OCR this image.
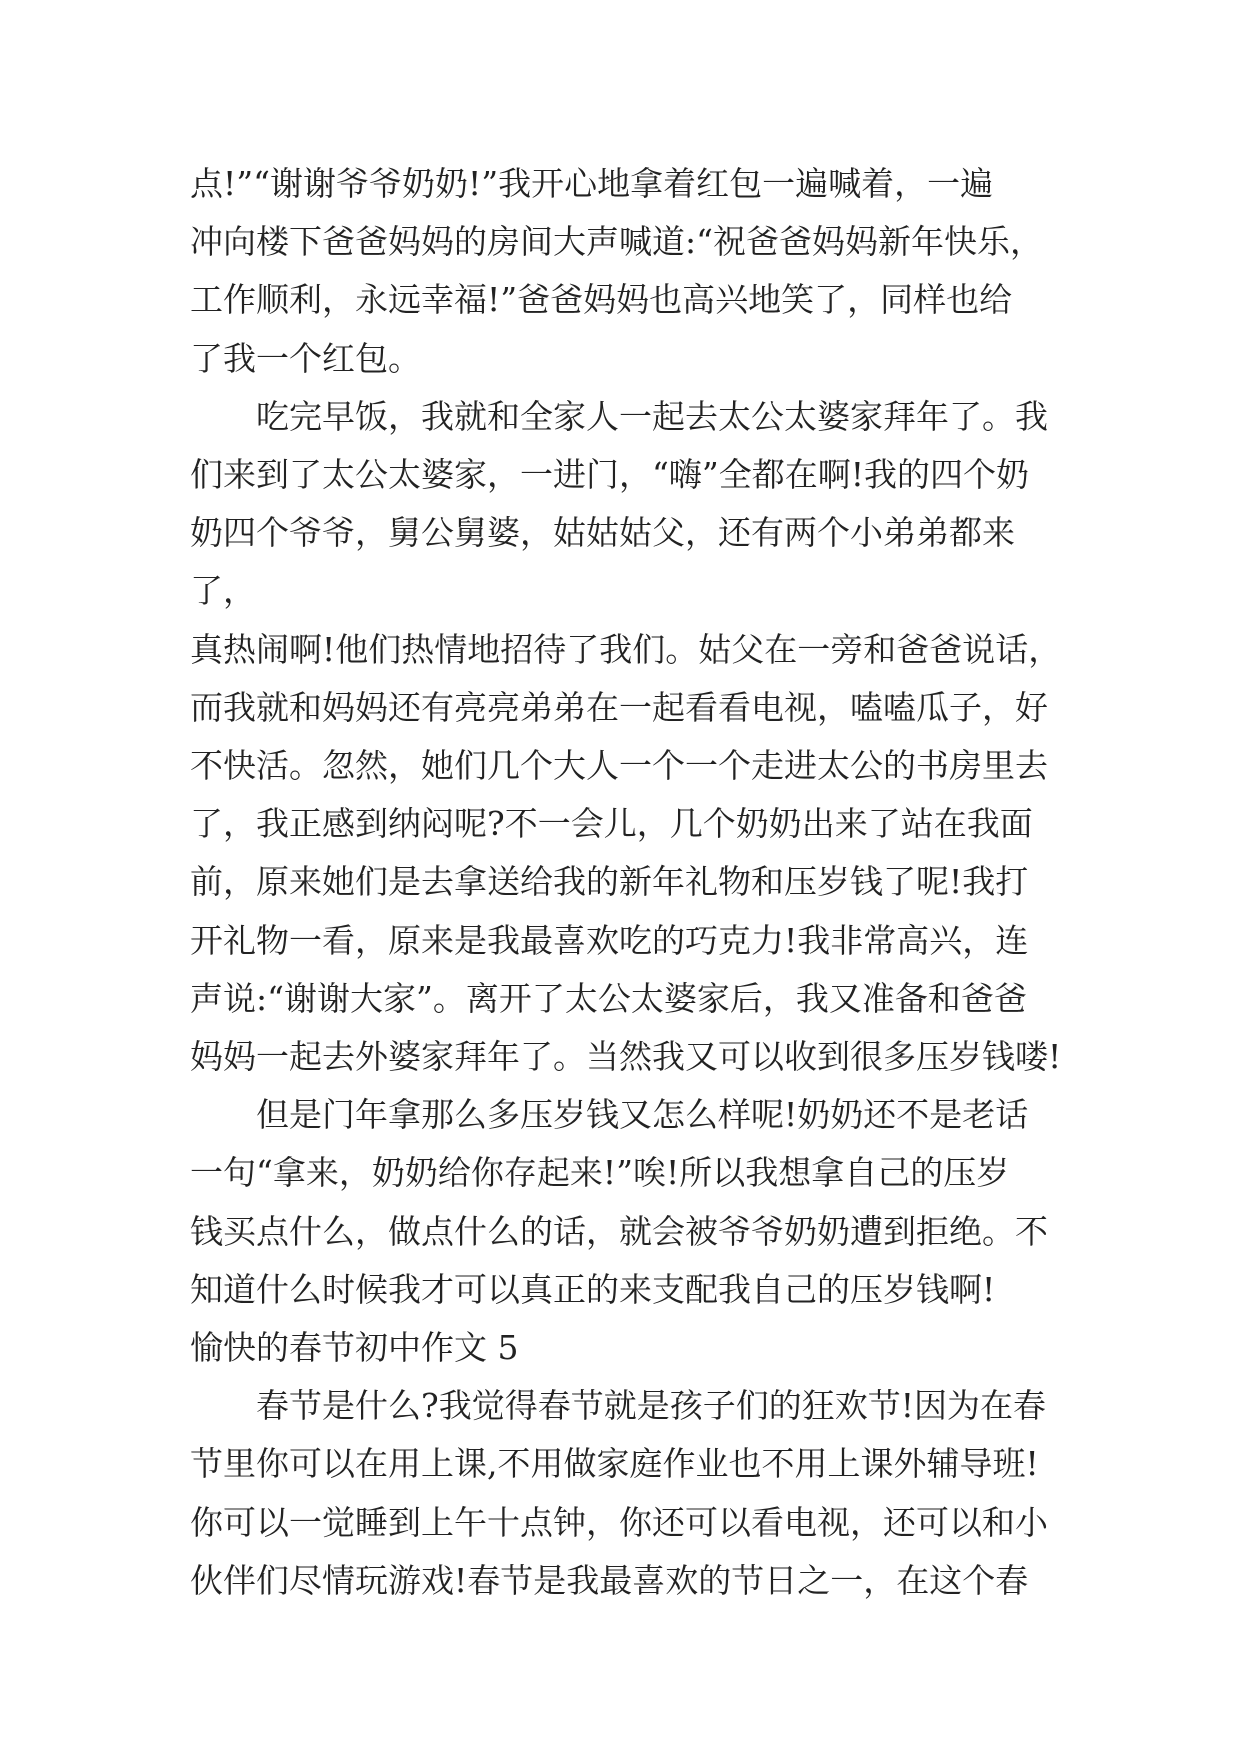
点!”“谢谢爷爷奶奶!”我开心地拿着红包一遍喊着，一遍
冲向楼下爸爸妈妈的房间大声喊道:“祝爸爸妈妈新年快乐，
工作顺利，永远幸福!”爸爸妈妈也高兴地笑了，同样也给
了我一个红包。

吃完早饭，我就和全家人一起去太公太婆家拜年了。我
们来到了太公太婆家，一进门，“嗨”全都在啊!我的四个奶
奶四个爷爷，舅公舅婆，姑姑姑父，还有两个小弟弟都来了，
真热闹啊!他们热情地招待了我们。姑父在一旁和爸爸说话，
而我就和妈妈还有亮亮弟弟在一起看看电视，嗑嗑瓜子，好
不快活。忽然，她们几个大人一个一个走进太公的书房里去
了，我正感到纳闷呢?不一会儿，几个奶奶出来了站在我面
前，原来她们是去拿送给我的新年礼物和压岁钱了呢!我打
开礼物一看，原来是我最喜欢吃的巧克力!我非常高兴，连
声说:“谢谢大家”。离开了太公太婆家后，我又准备和爸爸
妈妈一起去外婆家拜年了。当然我又可以收到很多压岁钱喽!

但是门年拿那么多压岁钱又怎么样呢!奶奶还不是老话
一句“拿来，奶奶给你存起来!”唉!所以我想拿自己的压岁
钱买点什么，做点什么的话，就会被爷爷奶奶遭到拒绝。不
知道什么时候我才可以真正的来支配我自己的压岁钱啊!

愉快的春节初中作文 5

春节是什么?我觉得春节就是孩子们的狂欢节!因为在春
节里你可以在用上课,不用做家庭作业也不用上课外辅导班!
你可以一觉睡到上午十点钟，你还可以看电视，还可以和小
伙伴们尽情玩游戏!春节是我最喜欢的节日之一，在这个春
